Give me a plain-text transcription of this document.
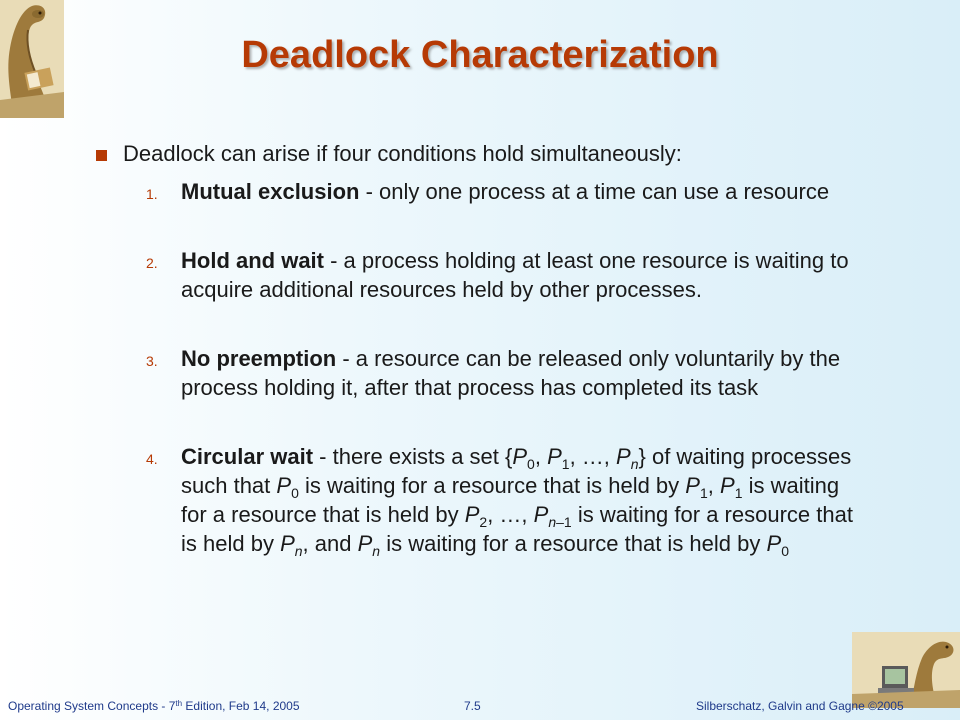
Deadlock Characterization
Deadlock can arise if four conditions hold simultaneously:
1. Mutual exclusion - only one process at a time can use a resource
2. Hold and wait - a process holding at least one resource is waiting to acquire additional resources held by other processes.
3. No preemption - a resource can be released only voluntarily by the process holding it, after that process has completed its task
4. Circular wait - there exists a set {$P_0$, $P_1$, …, $P_n$} of waiting processes such that $P_0$ is waiting for a resource that is held by $P_1$, $P_1$ is waiting for a resource that is held by $P_2$, …, $P_{n-1}$ is waiting for a resource that is held by $P_n$, and $P_n$ is waiting for a resource that is held by $P_0$
Operating System Concepts - 7th Edition, Feb 14, 2005	7.5	Silberschatz, Galvin and Gagne ©2005
